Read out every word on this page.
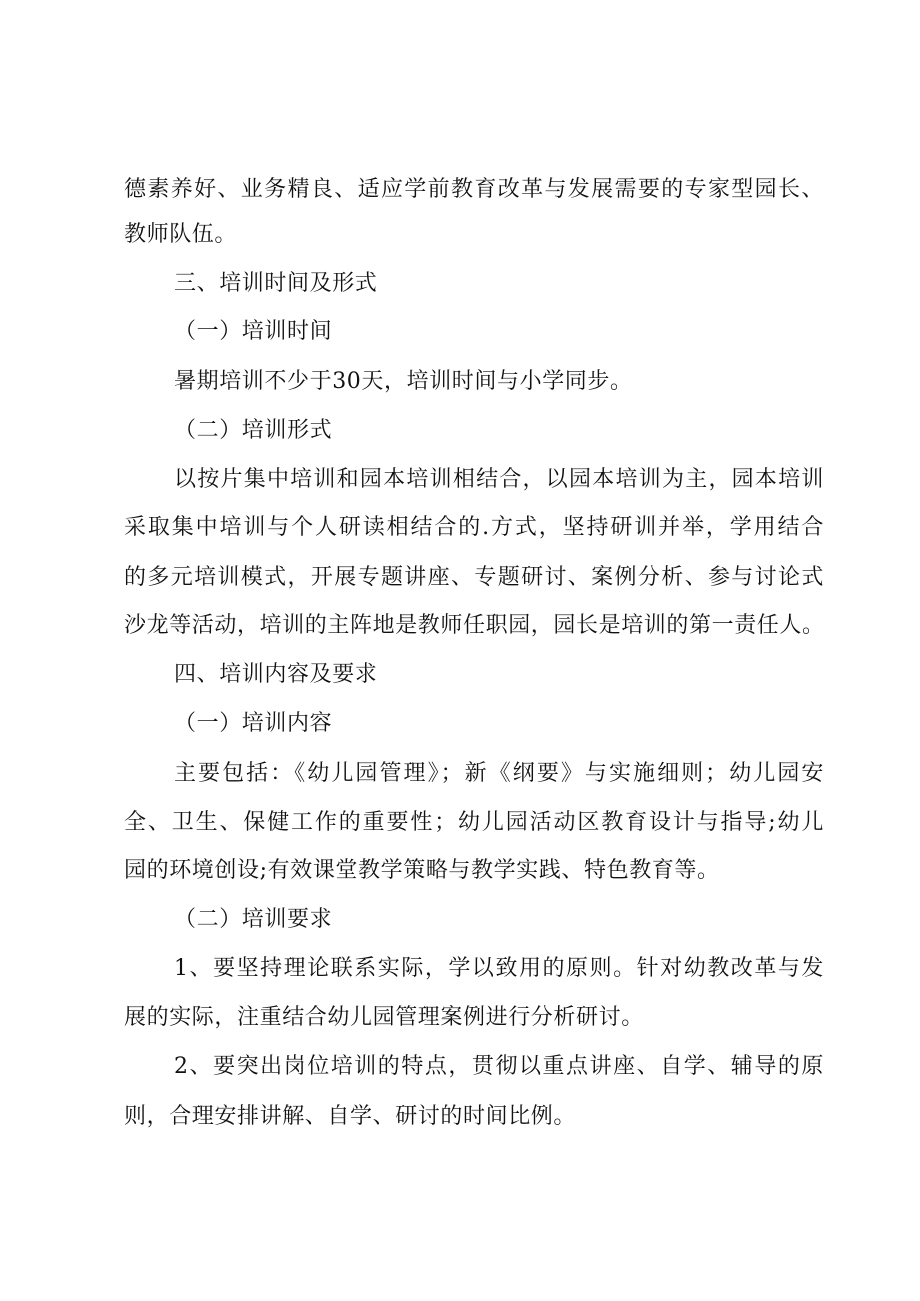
德素养好、业务精良、适应学前教育改革与发展需要的专家型园长、
教师队伍。
三、培训时间及形式
（一）培训时间
暑期培训不少于30天，培训时间与小学同步。
（二）培训形式
以按片集中培训和园本培训相结合，以园本培训为主，园本培训
采取集中培训与个人研读相结合的.方式，坚持研训并举，学用结合
的多元培训模式，开展专题讲座、专题研讨、案例分析、参与讨论式
沙龙等活动，培训的主阵地是教师任职园，园长是培训的第一责任人。
四、培训内容及要求
（一）培训内容
主要包括：《幼儿园管理》；新《纲要》与实施细则；幼儿园安
全、卫生、保健工作的重要性；幼儿园活动区教育设计与指导;幼儿
园的环境创设;有效课堂教学策略与教学实践、特色教育等。
（二）培训要求
1、要坚持理论联系实际，学以致用的原则。针对幼教改革与发
展的实际，注重结合幼儿园管理案例进行分析研讨。
2、要突出岗位培训的特点，贯彻以重点讲座、自学、辅导的原
则，合理安排讲解、自学、研讨的时间比例。
